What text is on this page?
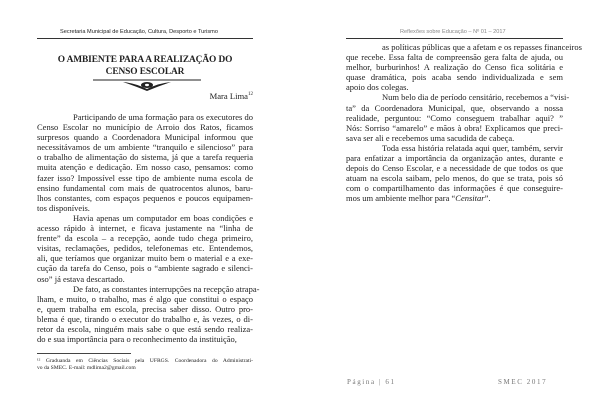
Secretaria Municipal de Educação, Cultura, Desporto e Turismo
O AMBIENTE PARA A REALIZAÇÃO DO
CENSO ESCOLAR
Mara Lima$^{12}$
Participando de uma formação para os executores do
Censo Escolar no município de Arroio dos Ratos, ficamos
surpresos quando a Coordenadora Municipal informou que
necessitávamos de um ambiente “tranquilo e silencioso” para
o trabalho de alimentação do sistema, já que a tarefa requeria
muita atenção e dedicação. Em nosso caso, pensamos: como
fazer isso? Impossível esse tipo de ambiente numa escola de
ensino fundamental com mais de quatrocentos alunos, baru-
lhos constantes, com espaços pequenos e poucos equipamen-
tos disponíveis.
Havia apenas um computador em boas condições e
acesso rápido à internet, e ficava justamente na “linha de
frente” da escola – a recepção, aonde tudo chega primeiro,
visitas, reclamações, pedidos, telefonemas etc. Entendemos,
ali, que teríamos que organizar muito bem o material e a exe-
cução da tarefa do Censo, pois o “ambiente sagrado e silenci-
oso” já estava descartado.
De fato, as constantes interrupções na recepção atrapa-
lham, e muito, o trabalho, mas é algo que constitui o espaço
e, quem trabalha em escola, precisa saber disso. Outro pro-
blema é que, tirando o executor do trabalho e, às vezes, o di-
retor da escola, ninguém mais sabe o que está sendo realiza-
do e sua importância para o reconhecimento da instituição,
¹² Graduanda em Ciências Sociais pela UFRGS. Coordenadora do Administrati-
vo da SMEC. E-mail: mdlima2@gmail.com
Reflexões sobre Educação – Nº 01 – 2017
as políticas públicas que a afetam e os repasses financeiros
que recebe. Essa falta de compreensão gera falta de ajuda, ou
melhor, burburinhos! A realização do Censo fica solitária e
quase dramática, pois acaba sendo individualizada e sem
apoio dos colegas.
Num belo dia de período censitário, recebemos a “visi-
ta” da Coordenadora Municipal, que, observando a nossa
realidade, perguntou: “Como conseguem trabalhar aqui? ”
Nós: Sorriso “amarelo” e mãos à obra! Explicamos que preci-
sava ser ali e recebemos uma sacudida de cabeça.
Toda essa história relatada aqui quer, também, servir
para enfatizar a importância da organização antes, durante e
depois do Censo Escolar, e a necessidade de que todos os que
atuam na escola saibam, pelo menos, do que se trata, pois só
com o compartilhamento das informações é que conseguire-
mos um ambiente melhor para “Censitar”.
Página | 61	SMEC 2017
